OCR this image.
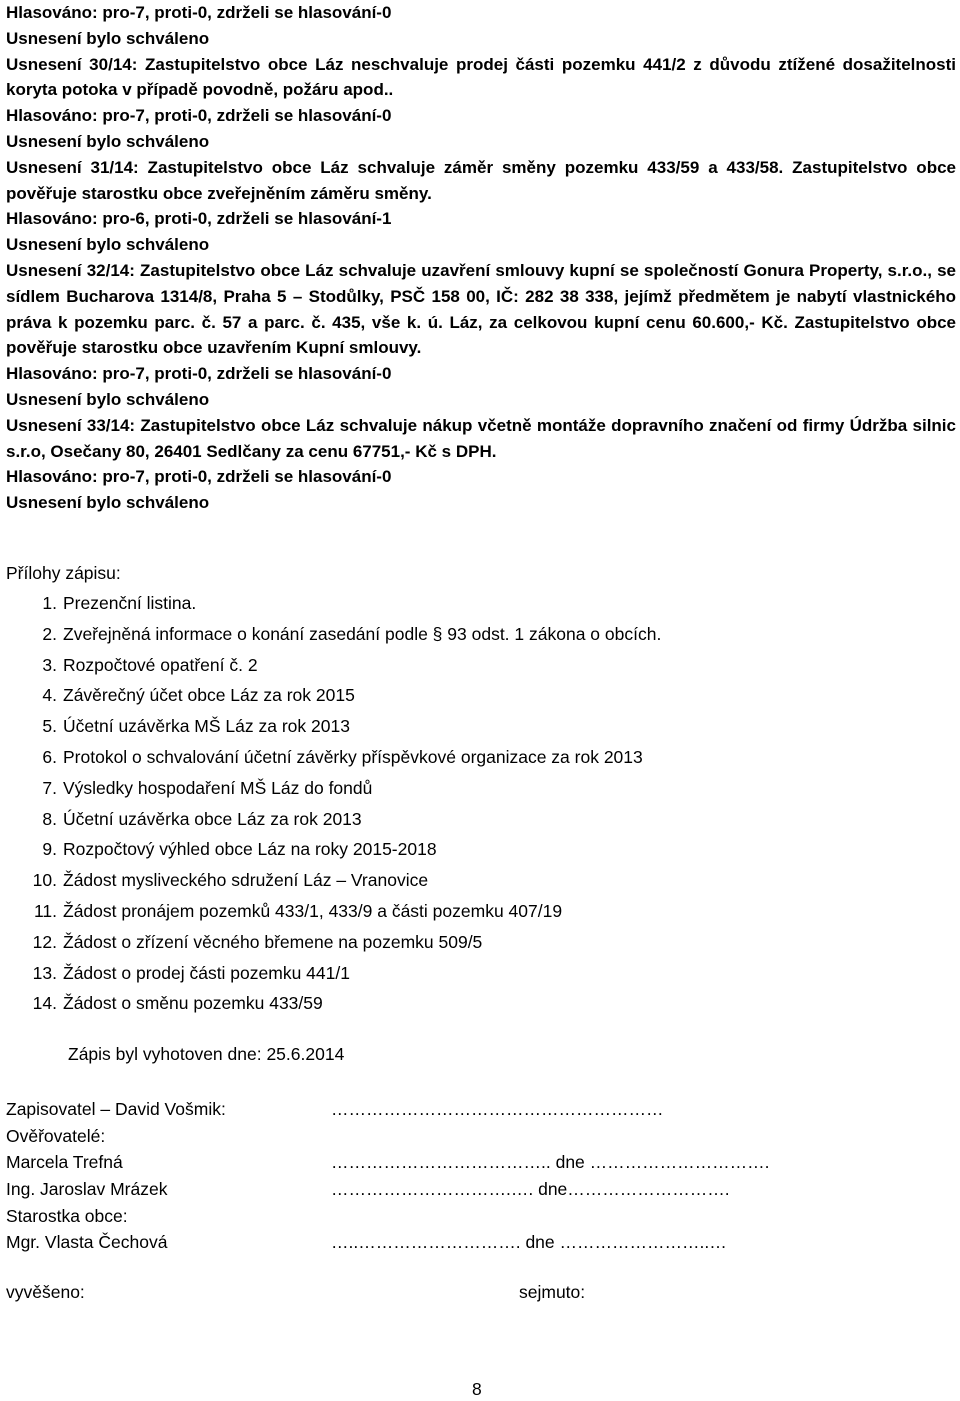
Hlasováno: pro-7, proti-0, zdrželi se hlasování-0

Usnesení bylo schváleno

Usnesení 30/14: Zastupitelstvo obce Láz neschvaluje prodej části pozemku 441/2 z důvodu ztížené dosažitelnosti koryta potoka v případě povodně, požáru apod..

Hlasováno: pro-7, proti-0, zdrželi se hlasování-0

Usnesení bylo schváleno

Usnesení 31/14: Zastupitelstvo obce Láz schvaluje záměr směny pozemku 433/59 a 433/58. Zastupitelstvo obce pověřuje starostku obce zveřejněním záměru směny.

Hlasováno: pro-6, proti-0, zdrželi se hlasování-1

Usnesení bylo schváleno

Usnesení 32/14: Zastupitelstvo obce Láz schvaluje uzavření smlouvy kupní se společností Gonura Property, s.r.o., se sídlem Bucharova 1314/8, Praha 5 – Stodůlky, PSČ 158 00, IČ: 282 38 338, jejímž předmětem je nabytí vlastnického práva k pozemku parc. č. 57 a parc. č. 435, vše k. ú. Láz, za celkovou kupní cenu 60.600,- Kč. Zastupitelstvo obce pověřuje starostku obce uzavřením Kupní smlouvy.

Hlasováno: pro-7, proti-0, zdrželi se hlasování-0

Usnesení bylo schváleno

Usnesení 33/14: Zastupitelstvo obce Láz schvaluje nákup včetně montáže dopravního značení od firmy Údržba silnic s.r.o, Osečany 80, 26401 Sedlčany za cenu 67751,- Kč s DPH.

Hlasováno: pro-7, proti-0, zdrželi se hlasování-0

Usnesení bylo schváleno

Přílohy zápisu:
1. Prezenční listina.
2. Zveřejněná informace o konání zasedání podle § 93 odst. 1 zákona o obcích.
3. Rozpočtové opatření č. 2
4. Závěrečný účet obce Láz za rok 2015
5. Účetní uzávěrka MŠ Láz za rok 2013
6. Protokol o schvalování účetní závěrky příspěvkové organizace za rok 2013
7. Výsledky hospodaření MŠ Láz do fondů
8. Účetní uzávěrka obce Láz za rok 2013
9. Rozpočtový výhled obce Láz na roky 2015-2018
10. Žádost mysliveckého sdružení Láz – Vranovice
11. Žádost pronájem pozemků 433/1, 433/9 a části pozemku 407/19
12. Žádost o zřízení věcného břemene na pozemku 509/5
13. Žádost o prodej části pozemku 441/1
14. Žádost o směnu pozemku 433/59
Zápis byl vyhotoven dne: 25.6.2014
Zapisovatel – David Vošmik:	…………………………………………………
Ověřovatelé:
Marcela Trefná	……………………………….. dne ………………………….
Ing. Jaroslav Mrázek	………………………….…. dne……………………….
Starostka obce:
Mgr. Vlasta Čechová	…..………………………. dne ……………………..…
vyvěšeno:	sejmuto:
8
